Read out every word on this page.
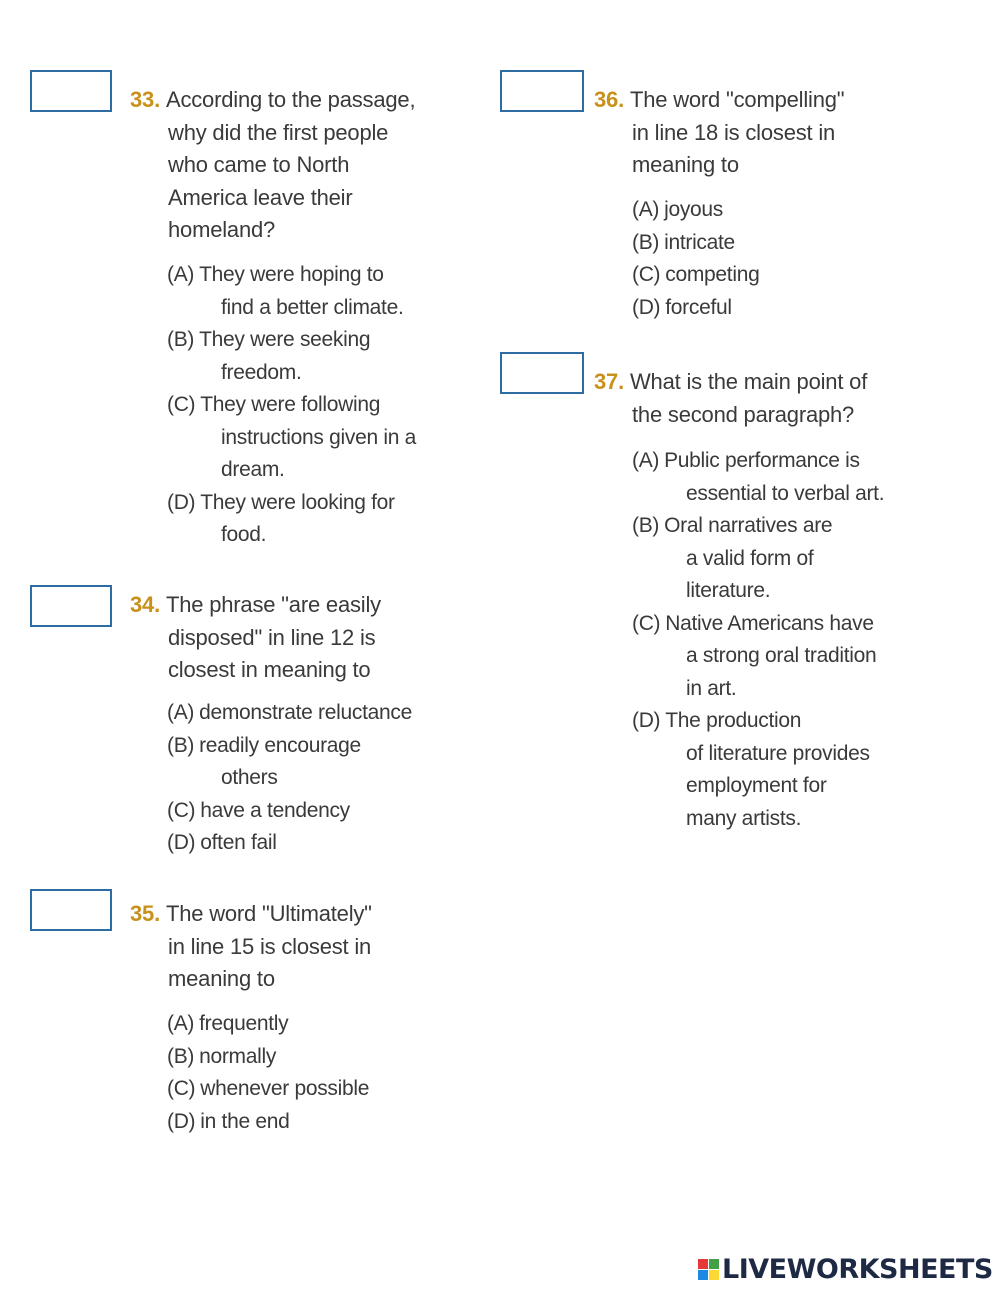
33. According to the passage,
why did the first people
who came to North
America leave their
homeland?
(A) They were hoping to
find a better climate.
(B) They were seeking
freedom.
(C) They were following
instructions given in a
dream.
(D) They were looking for
food.
34. The phrase "are easily
disposed" in line 12 is
closest in meaning to
(A) demonstrate reluctance
(B) readily encourage
others
(C) have a tendency
(D) often fail
35. The word "Ultimately"
in line 15 is closest in
meaning to
(A) frequently
(B) normally
(C) whenever possible
(D) in the end
36. The word "compelling"
in line 18 is closest in
meaning to
(A) joyous
(B) intricate
(C) competing
(D) forceful
37. What is the main point of
the second paragraph?
(A) Public performance is
essential to verbal art.
(B) Oral narratives are
a valid form of
literature.
(C) Native Americans have
a strong oral tradition
in art.
(D) The production
of literature provides
employment for
many artists.
LIVEWORKSHEETS
